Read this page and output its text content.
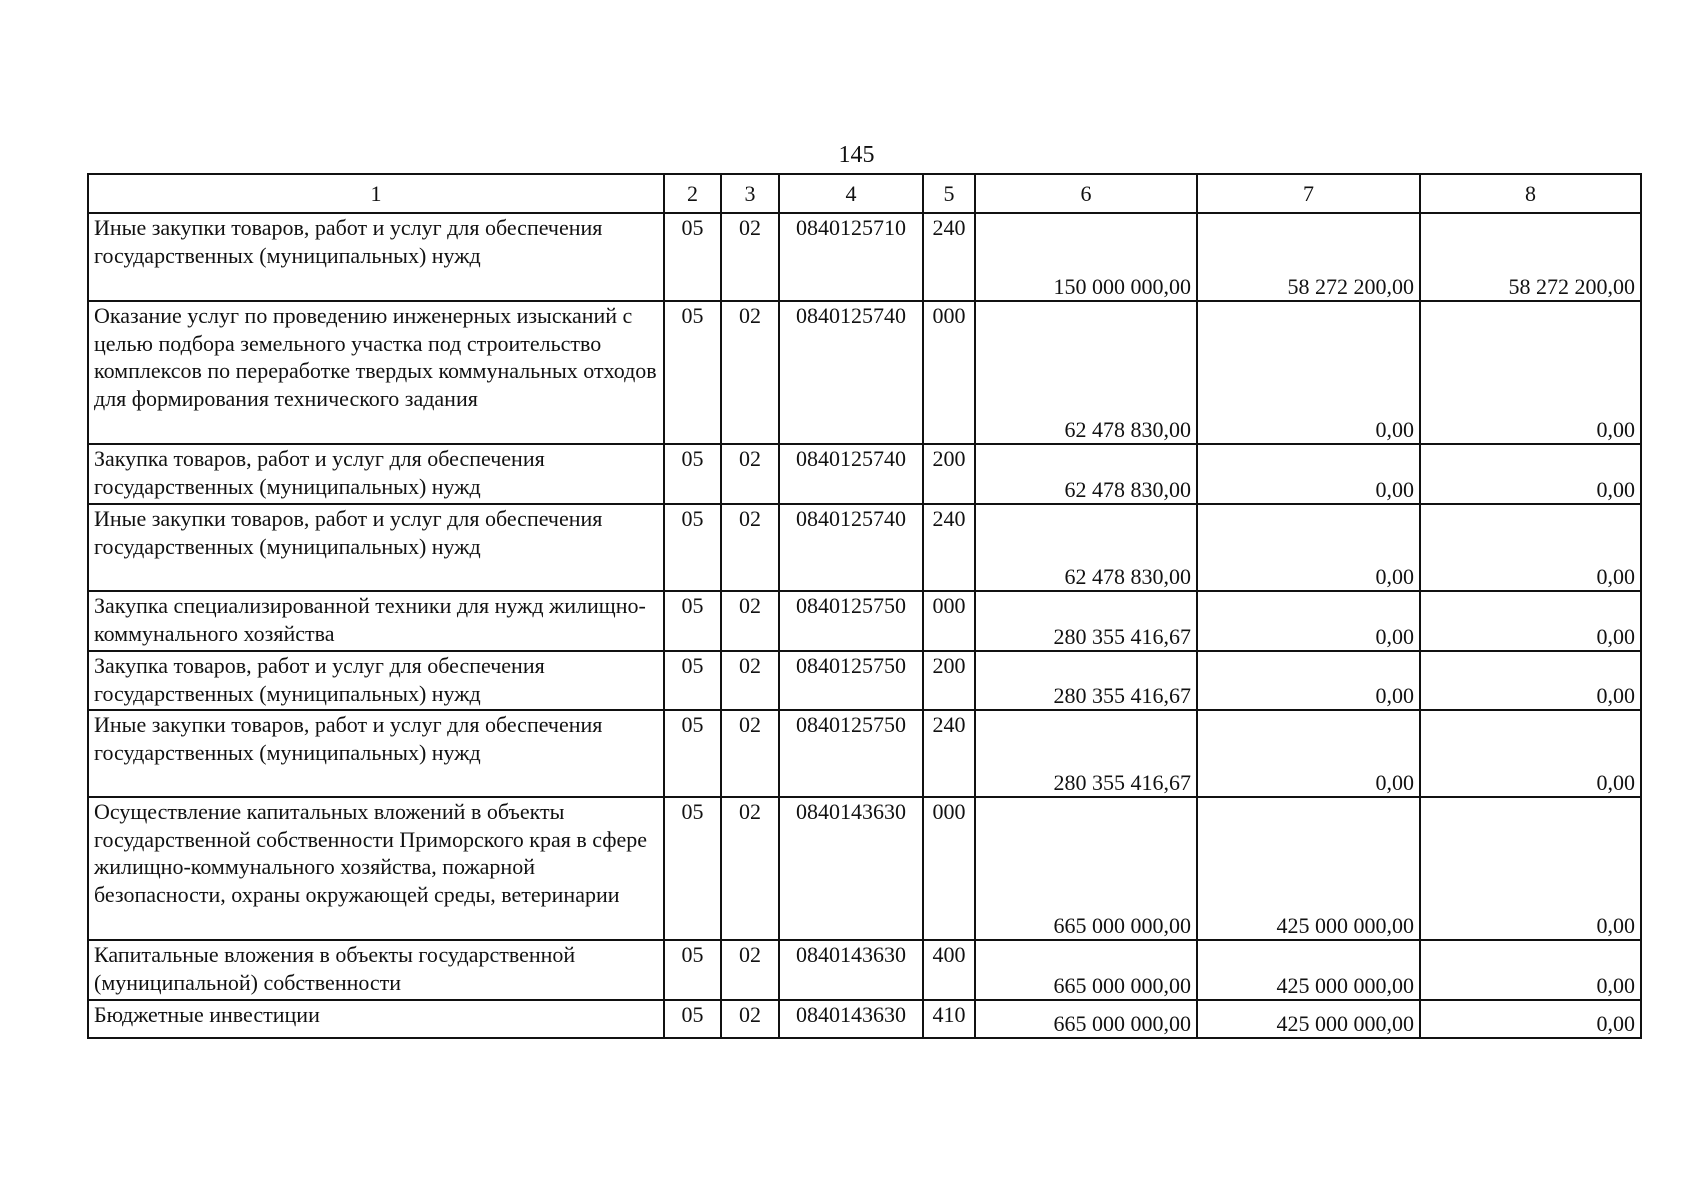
145
1	2	3	4	5	6	7	8
Иные закупки товаров, работ и услуг для обеспечения государственных (муниципальных) нужд	05	02	0840125710	240	150 000 000,00	58 272 200,00	58 272 200,00
Оказание услуг по проведению инженерных изысканий с целью подбора земельного участка под строительство комплексов по переработке твердых коммунальных отходов для формирования технического задания	05	02	0840125740	000	62 478 830,00	0,00	0,00
Закупка товаров, работ и услуг для обеспечения государственных (муниципальных) нужд	05	02	0840125740	200	62 478 830,00	0,00	0,00
Иные закупки товаров, работ и услуг для обеспечения государственных (муниципальных) нужд	05	02	0840125740	240	62 478 830,00	0,00	0,00
Закупка специализированной техники для нужд жилищно-коммунального хозяйства	05	02	0840125750	000	280 355 416,67	0,00	0,00
Закупка товаров, работ и услуг для обеспечения государственных (муниципальных) нужд	05	02	0840125750	200	280 355 416,67	0,00	0,00
Иные закупки товаров, работ и услуг для обеспечения государственных (муниципальных) нужд	05	02	0840125750	240	280 355 416,67	0,00	0,00
Осуществление капитальных вложений в объекты государственной собственности Приморского края в сфере жилищно-коммунального хозяйства, пожарной безопасности, охраны окружающей среды, ветеринарии	05	02	0840143630	000	665 000 000,00	425 000 000,00	0,00
Капитальные вложения в объекты государственной (муниципальной) собственности	05	02	0840143630	400	665 000 000,00	425 000 000,00	0,00
Бюджетные инвестиции	05	02	0840143630	410	665 000 000,00	425 000 000,00	0,00
